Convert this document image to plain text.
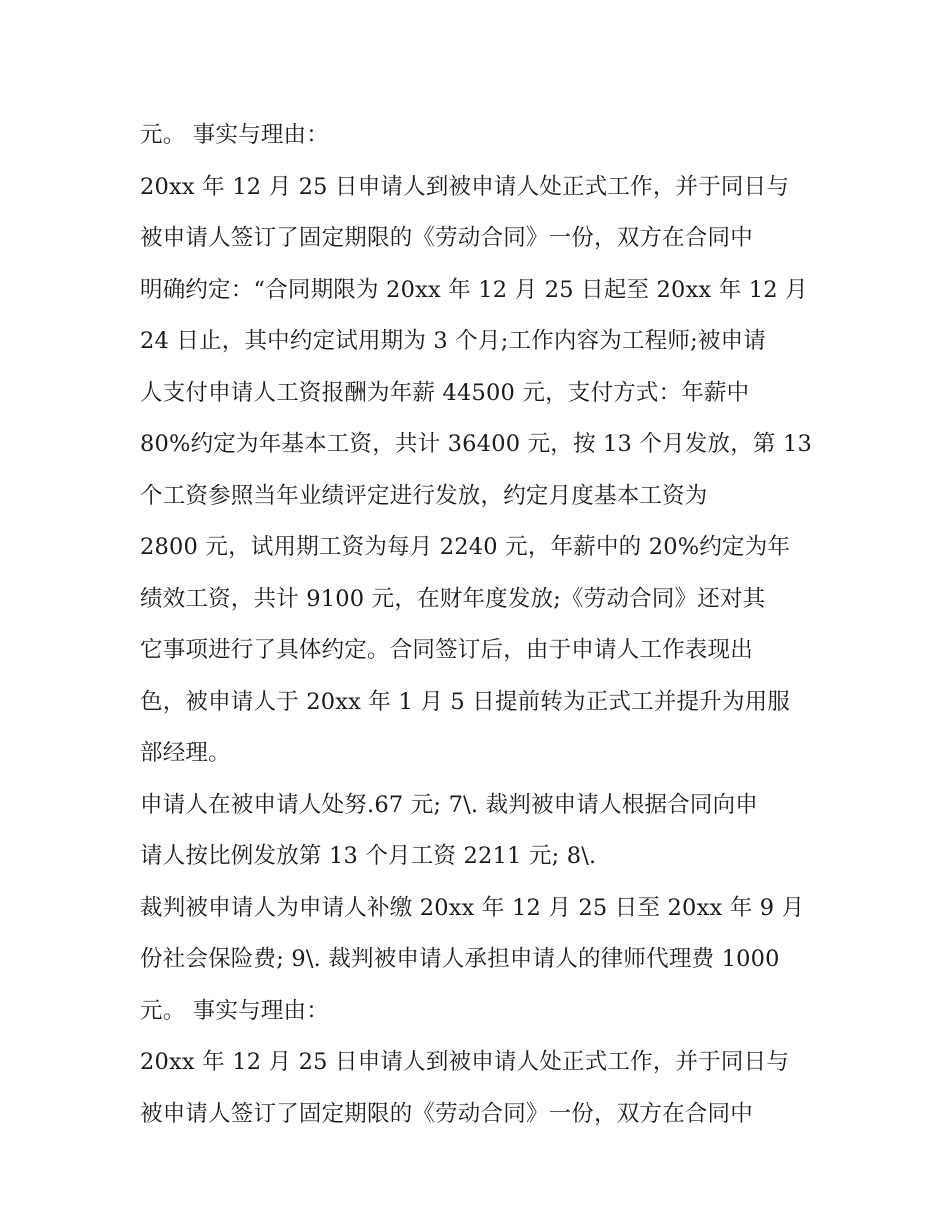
元。 事实与理由：
20xx 年 12 月 25 日申请人到被申请人处正式工作，并于同日与
被申请人签订了固定期限的《劳动合同》一份，双方在合同中
明确约定：“合同期限为 20xx 年 12 月 25 日起至 20xx 年 12 月
24 日止，其中约定试用期为 3 个月;工作内容为工程师;被申请
人支付申请人工资报酬为年薪 44500 元，支付方式：年薪中
80%约定为年基本工资，共计 36400 元，按 13 个月发放，第 13
个工资参照当年业绩评定进行发放，约定月度基本工资为
2800 元，试用期工资为每月 2240 元，年薪中的 20%约定为年
绩效工资，共计 9100 元，在财年度发放;《劳动合同》还对其
它事项进行了具体约定。合同签订后，由于申请人工作表现出
色，被申请人于 20xx 年 1 月 5 日提前转为正式工并提升为用服
部经理。
申请人在被申请人处努.67 元; 7\. 裁判被申请人根据合同向申
请人按比例发放第 13 个月工资 2211 元; 8\.
裁判被申请人为申请人补缴 20xx 年 12 月 25 日至 20xx 年 9 月
份社会保险费; 9\. 裁判被申请人承担申请人的律师代理费 1000
元。 事实与理由：
20xx 年 12 月 25 日申请人到被申请人处正式工作，并于同日与
被申请人签订了固定期限的《劳动合同》一份，双方在合同中
